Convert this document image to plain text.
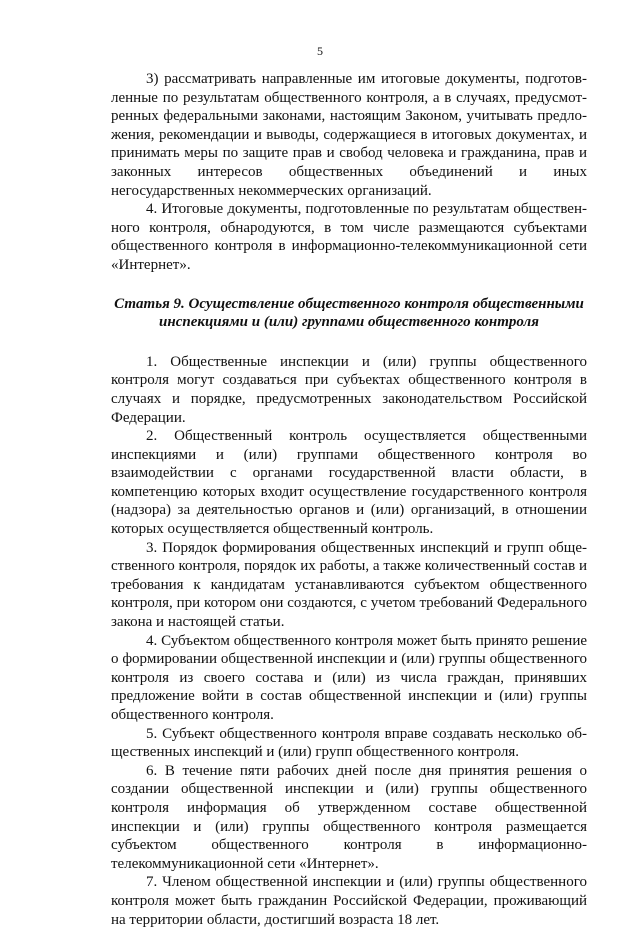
5

3) рассматривать направленные им итоговые документы, подготовленные по результатам общественного контроля, а в случаях, предусмотренных федеральными законами, настоящим Законом, учитывать предложения, рекомендации и выводы, содержащиеся в итоговых документах, и принимать меры по защите прав и свобод человека и гражданина, прав и законных интересов общественных объединений и иных негосударственных некоммерческих организаций.

4. Итоговые документы, подготовленные по результатам общественного контроля, обнародуются, в том числе размещаются субъектами общественного контроля в информационно-телекоммуникационной сети «Интернет».

Статья 9. Осуществление общественного контроля общественными инспекциями и (или) группами общественного контроля

1. Общественные инспекции и (или) группы общественного контроля могут создаваться при субъектах общественного контроля в случаях и порядке, предусмотренных законодательством Российской Федерации.

2. Общественный контроль осуществляется общественными инспекциями и (или) группами общественного контроля во взаимодействии с органами государственной власти области, в компетенцию которых входит осуществление государственного контроля (надзора) за деятельностью органов и (или) организаций, в отношении которых осуществляется общественный контроль.

3. Порядок формирования общественных инспекций и групп общественного контроля, порядок их работы, а также количественный состав и требования к кандидатам устанавливаются субъектом общественного контроля, при котором они создаются, с учетом требований Федерального закона и настоящей статьи.

4. Субъектом общественного контроля может быть принято решение о формировании общественной инспекции и (или) группы общественного контроля из своего состава и (или) из числа граждан, принявших предложение войти в состав общественной инспекции и (или) группы общественного контроля.

5. Субъект общественного контроля вправе создавать несколько общественных инспекций и (или) групп общественного контроля.

6. В течение пяти рабочих дней после дня принятия решения о создании общественной инспекции и (или) группы общественного контроля информация об утвержденном составе общественной инспекции и (или) группы общественного контроля размещается субъектом общественного контроля в информационно-телекоммуникационной сети «Интернет».

7. Членом общественной инспекции и (или) группы общественного контроля может быть гражданин Российской Федерации, проживающий на территории области, достигший возраста 18 лет.
